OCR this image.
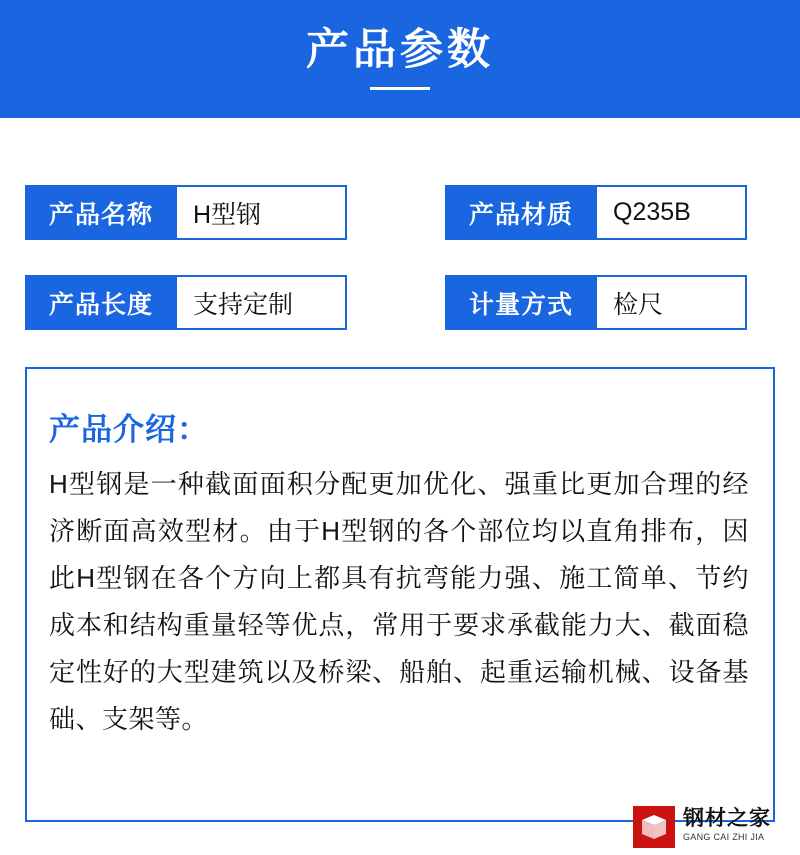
产品参数
产品名称	H型钢	产品材质	Q235B
产品长度	支持定制	计量方式	检尺
产品介绍：
H型钢是一种截面面积分配更加优化、强重比更加合理的经济断面高效型材。由于H型钢的各个部位均以直角排布，因此H型钢在各个方向上都具有抗弯能力强、施工简单、节约成本和结构重量轻等优点，常用于要求承截能力大、截面稳定性好的大型建筑以及桥梁、船舶、起重运输机械、设备基础、支架等。
钢材之家
GANG CAI ZHI JIA
